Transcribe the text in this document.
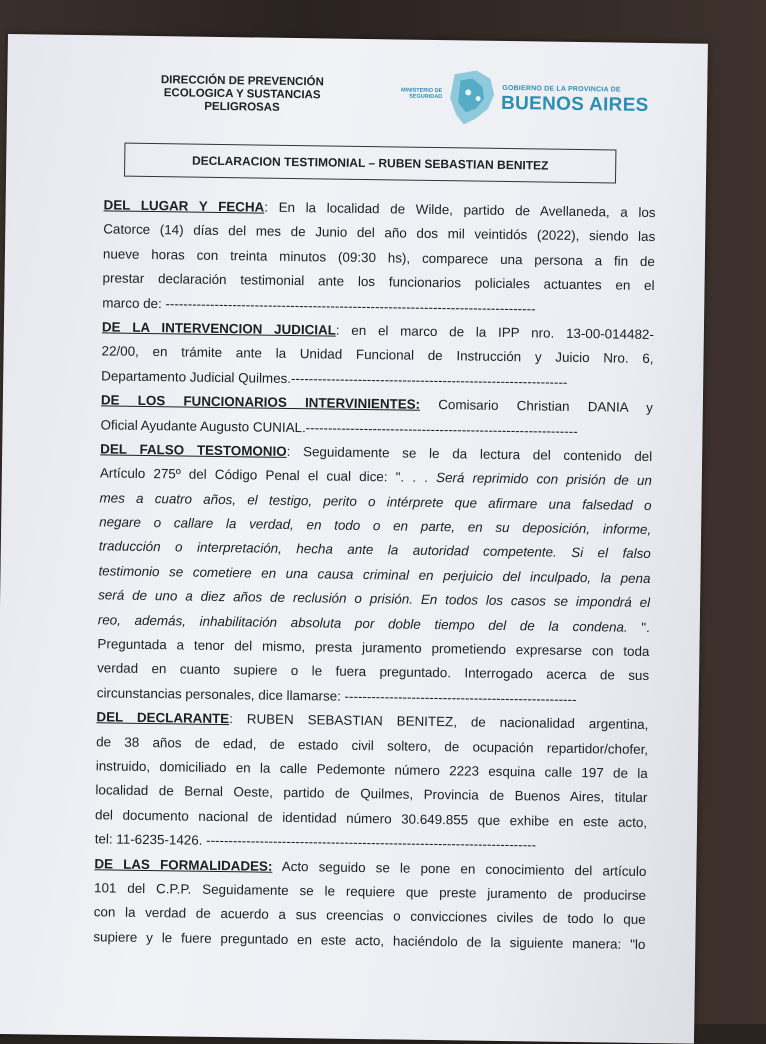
DIRECCIÓN DE PREVENCIÓN
ECOLOGICA Y SUSTANCIAS
PELIGROSAS
MINISTERIO DE
SEGURIDAD
GOBIERNO DE LA PROVINCIA DE
BUENOS AIRES
DECLARACION TESTIMONIAL – RUBEN SEBASTIAN BENITEZ
DEL LUGAR Y FECHA: En la localidad de Wilde, partido de Avellaneda, a los
Catorce (14) días del mes de Junio del año dos mil veintidós (2022), siendo las
nueve horas con treinta minutos (09:30 hs), comparece una persona a fin de
prestar declaración testimonial ante los funcionarios policiales actuantes en el
marco de: -----------------------------------------------------------------------------------
DE LA INTERVENCION JUDICIAL: en el marco de la IPP nro. 13-00-014482-
22/00, en trámite ante la Unidad Funcional de Instrucción y Juicio Nro. 6,
Departamento Judicial Quilmes.--------------------------------------------------------------
DE LOS FUNCIONARIOS INTERVINIENTES: Comisario Christian DANIA y
Oficial Ayudante Augusto CUNIAL.-------------------------------------------------------------
DEL FALSO TESTOMONIO: Seguidamente se le da lectura del contenido del
Artículo 275º del Código Penal el cual dice: ". . . Será reprimido con prisión de un
mes a cuatro años, el testigo, perito o intérprete que afirmare una falsedad o
negare o callare la verdad, en todo o en parte, en su deposición, informe,
traducción o interpretación, hecha ante la autoridad competente. Si el falso
testimonio se cometiere en una causa criminal en perjuicio del inculpado, la pena
será de uno a diez años de reclusión o prisión. En todos los casos se impondrá el
reo, además, inhabilitación absoluta por doble tiempo del de la condena. ".
Preguntada a tenor del mismo, presta juramento prometiendo expresarse con toda
verdad en cuanto supiere o le fuera preguntado. Interrogado acerca de sus
circunstancias personales, dice llamarse: ----------------------------------------------------
DEL DECLARANTE: RUBEN SEBASTIAN BENITEZ, de nacionalidad argentina,
de 38 años de edad, de estado civil soltero, de ocupación repartidor/chofer,
instruido, domiciliado en la calle Pedemonte número 2223 esquina calle 197 de la
localidad de Bernal Oeste, partido de Quilmes, Provincia de Buenos Aires, titular
del documento nacional de identidad número 30.649.855 que exhibe en este acto,
tel: 11-6235-1426. --------------------------------------------------------------------------
DE LAS FORMALIDADES: Acto seguido se le pone en conocimiento del artículo
101 del C.P.P. Seguidamente se le requiere que preste juramento de producirse
con la verdad de acuerdo a sus creencias o convicciones civiles de todo lo que
supiere y le fuere preguntado en este acto, haciéndolo de la siguiente manera: "lo
